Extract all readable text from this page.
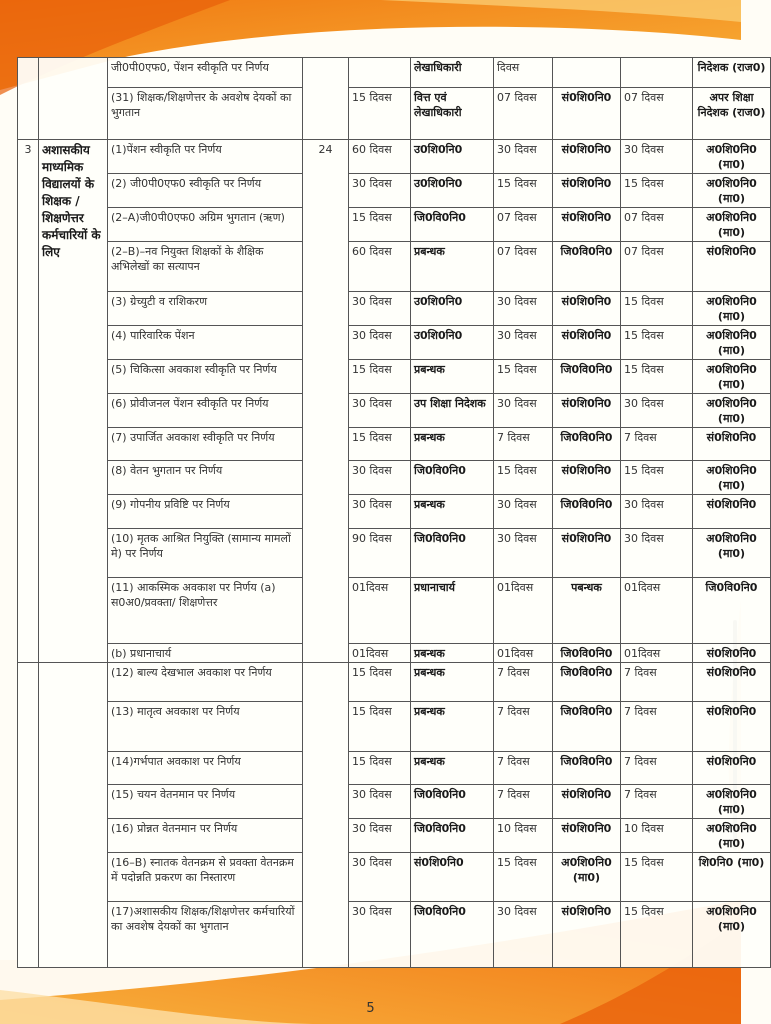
		जी0पी0एफ0, पेंशन स्वीकृति पर निर्णय			लेखाधिकारी	दिवस			निदेशक (राज0)
		(31) शिक्षक/शिक्षणेत्तर के अवशेष देयकों का भुगतान		15 दिवस	वित्त एवं लेखाधिकारी	07 दिवस	सं0शि0नि0	07 दिवस	अपर शिक्षा निदेशक (राज0)
3	अशासकीय माध्यमिक विद्यालयों के शिक्षक / शिक्षणेत्तर कर्मचारियों के लिए	(1)पेंशन स्वीकृति पर निर्णय	24	60 दिवस	उ0शि0नि0	30 दिवस	सं0शि0नि0	30 दिवस	अ0शि0नि0 (मा0)
		(2) जी0पी0एफ0 स्वीकृति पर निर्णय		30 दिवस	उ0शि0नि0	15 दिवस	सं0शि0नि0	15 दिवस	अ0शि0नि0 (मा0)
		(2–A)जी0पी0एफ0 अग्रिम भुगतान (ऋण)		15 दिवस	जि0वि0नि0	07 दिवस	सं0शि0नि0	07 दिवस	अ0शि0नि0 (मा0)
		(2–B)–नव नियुक्त शिक्षकों के शैक्षिक अभिलेखों का सत्यापन		60 दिवस	प्रबन्धक	07 दिवस	जि0वि0नि0	07 दिवस	सं0शि0नि0
		(3) ग्रेच्युटी व राशिकरण		30 दिवस	उ0शि0नि0	30 दिवस	सं0शि0नि0	15 दिवस	अ0शि0नि0 (मा0)
		(4) पारिवारिक पेंशन		30 दिवस	उ0शि0नि0	30 दिवस	सं0शि0नि0	15 दिवस	अ0शि0नि0 (मा0)
		(5) चिकित्सा अवकाश स्वीकृति पर निर्णय		15 दिवस	प्रबन्धक	15 दिवस	जि0वि0नि0	15 दिवस	अ0शि0नि0 (मा0)
		(6) प्रोवीजनल पेंशन स्वीकृति पर निर्णय		30 दिवस	उप शिक्षा निदेशक	30 दिवस	सं0शि0नि0	30 दिवस	अ0शि0नि0 (मा0)
		(7) उपार्जित अवकाश स्वीकृति पर निर्णय		15 दिवस	प्रबन्धक	7 दिवस	जि0वि0नि0	7 दिवस	सं0शि0नि0
		(8) वेतन भुगतान पर निर्णय		30 दिवस	जि0वि0नि0	15 दिवस	सं0शि0नि0	15 दिवस	अ0शि0नि0 (मा0)
		(9) गोपनीय प्रविष्टि पर निर्णय		30 दिवस	प्रबन्धक	30 दिवस	जि0वि0नि0	30 दिवस	सं0शि0नि0
		(10) मृतक आश्रित नियुक्ति (सामान्य मामलों मे) पर निर्णय		90 दिवस	जि0वि0नि0	30 दिवस	सं0शि0नि0	30 दिवस	अ0शि0नि0 (मा0)
		(11) आकस्मिक अवकाश पर निर्णय (a) स0अ0/प्रवक्ता/ शिक्षणेत्तर		01दिवस	प्रधानाचार्य	01दिवस	पबन्धक	01दिवस	जि0वि0नि0
		(b) प्रधानाचार्य		01दिवस	प्रबन्धक	01दिवस	जि0वि0नि0	01दिवस	सं0शि0नि0
		(12) बाल्य देखभाल अवकाश पर निर्णय		15 दिवस	प्रबन्धक	7 दिवस	जि0वि0नि0	7 दिवस	सं0शि0नि0
		(13) मातृत्व अवकाश पर निर्णय		15 दिवस	प्रबन्धक	7 दिवस	जि0वि0नि0	7 दिवस	सं0शि0नि0
		(14)गर्भपात अवकाश पर निर्णय		15 दिवस	प्रबन्धक	7 दिवस	जि0वि0नि0	7 दिवस	सं0शि0नि0
		(15) चयन वेतनमान पर निर्णय		30 दिवस	जि0वि0नि0	7 दिवस	सं0शि0नि0	7 दिवस	अ0शि0नि0 (मा0)
		(16) प्रोन्नत वेतनमान पर निर्णय		30 दिवस	जि0वि0नि0	10 दिवस	सं0शि0नि0	10 दिवस	अ0शि0नि0 (मा0)
		(16–B) स्नातक वेतनक्रम से प्रवक्ता वेतनक्रम में पदोन्नति प्रकरण का निस्तारण		30 दिवस	सं0शि0नि0	15 दिवस	अ0शि0नि0 (मा0)	15 दिवस	शि0नि0 (मा0)
		(17)अशासकीय शिक्षक/शिक्षणेत्तर कर्मचारियों का अवशेष देयकों का भुगतान		30 दिवस	जि0वि0नि0	30 दिवस	सं0शि0नि0	15 दिवस	अ0शि0नि0 (मा0)
5
